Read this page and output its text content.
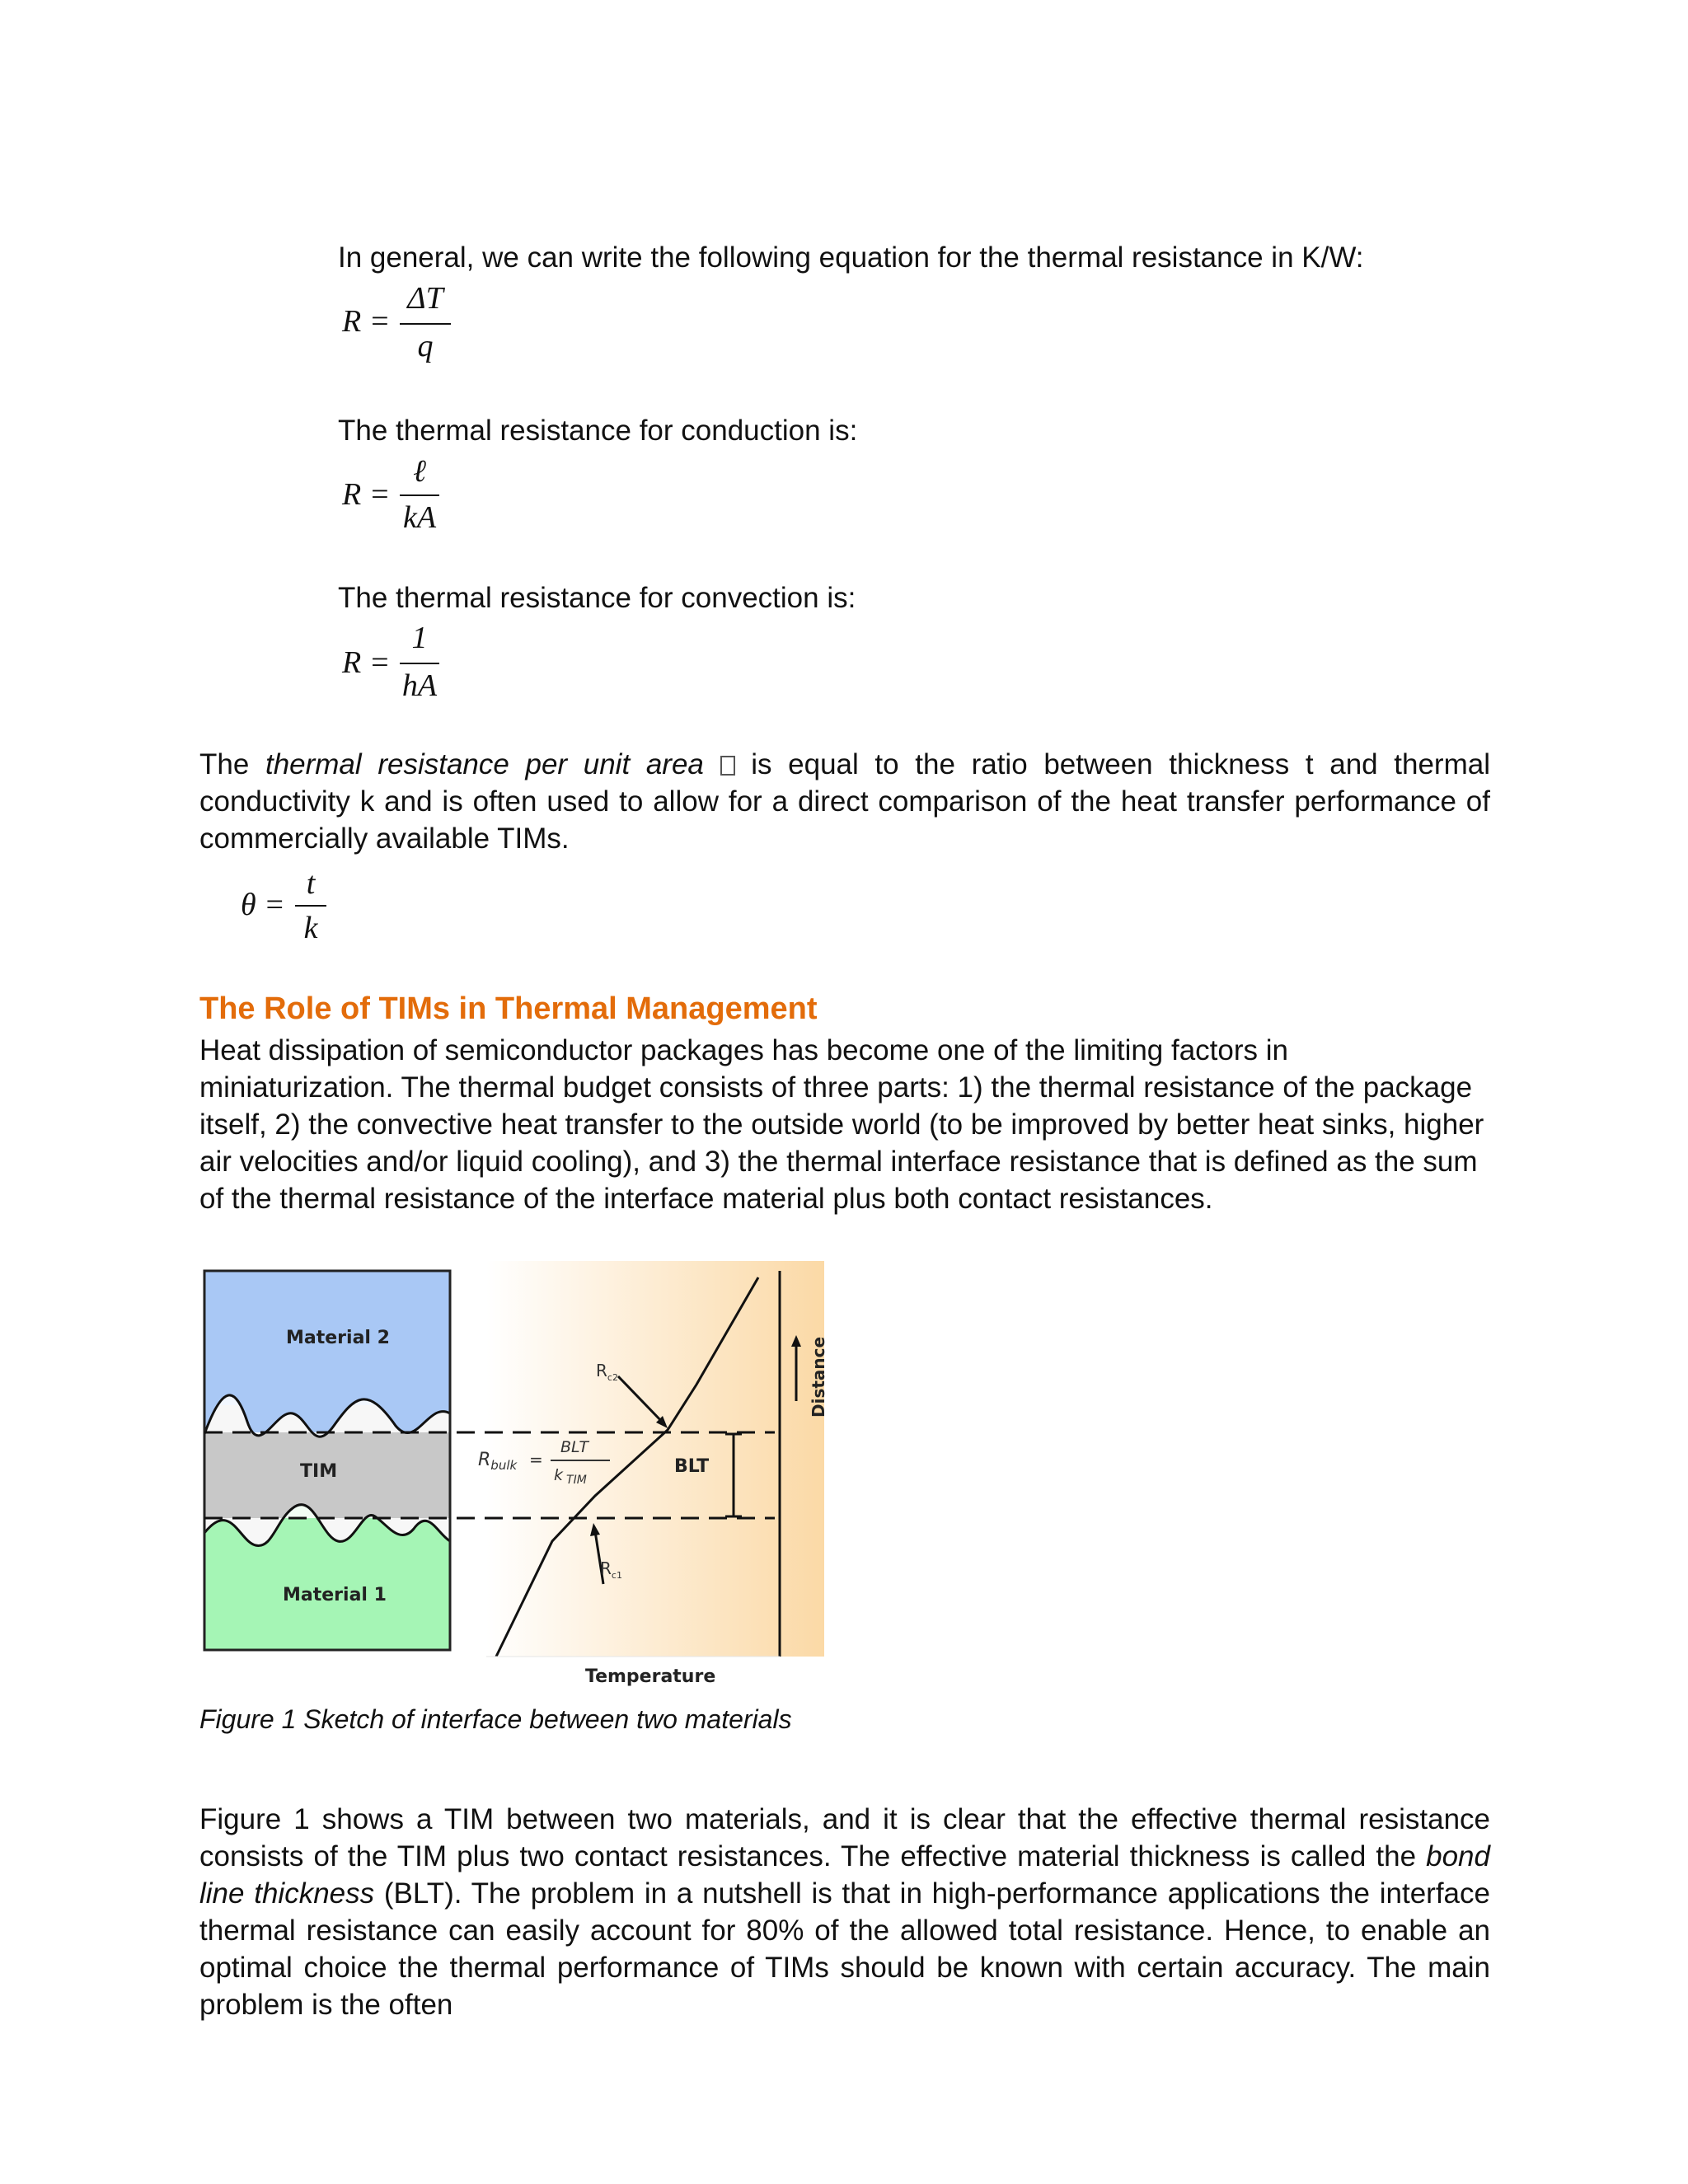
In general, we can write the following equation for the thermal resistance in K/W:
R =
ΔT
q
The thermal resistance for conduction is:
R =
ℓ
kA
The thermal resistance for convection is:
R =
1
hA
The thermal resistance per unit area  is equal to the ratio between thickness t and thermal conductivity k and is often used to allow for a direct comparison of the heat transfer performance of commercially available TIMs.
θ =
t
k
The Role of TIMs in Thermal Management
Heat dissipation of semiconductor packages has become one of the limiting factors in miniaturization. The thermal budget consists of three parts: 1) the thermal resistance of the package itself, 2) the convective heat transfer to the outside world (to be improved by better heat sinks, higher air velocities and/or liquid cooling), and 3) the thermal interface resistance that is defined as the sum of the thermal resistance of the interface material plus both contact resistances.
Material 2
TIM
Material 1
$R_{c2}$
$R_{c1}$
$R_{bulk}$ =
BLT
k $_{TIM}$
BLT
Distance
Temperature
Figure 1 Sketch of interface between two materials
Figure 1 shows a TIM between two materials, and it is clear that the effective thermal resistance consists of the TIM plus two contact resistances. The effective material thickness is called the bond line thickness (BLT). The problem in a nutshell is that in high-performance applications the interface thermal resistance can easily account for 80% of the allowed total resistance. Hence, to enable an optimal choice the thermal performance of TIMs should be known with certain accuracy. The main problem is the often
